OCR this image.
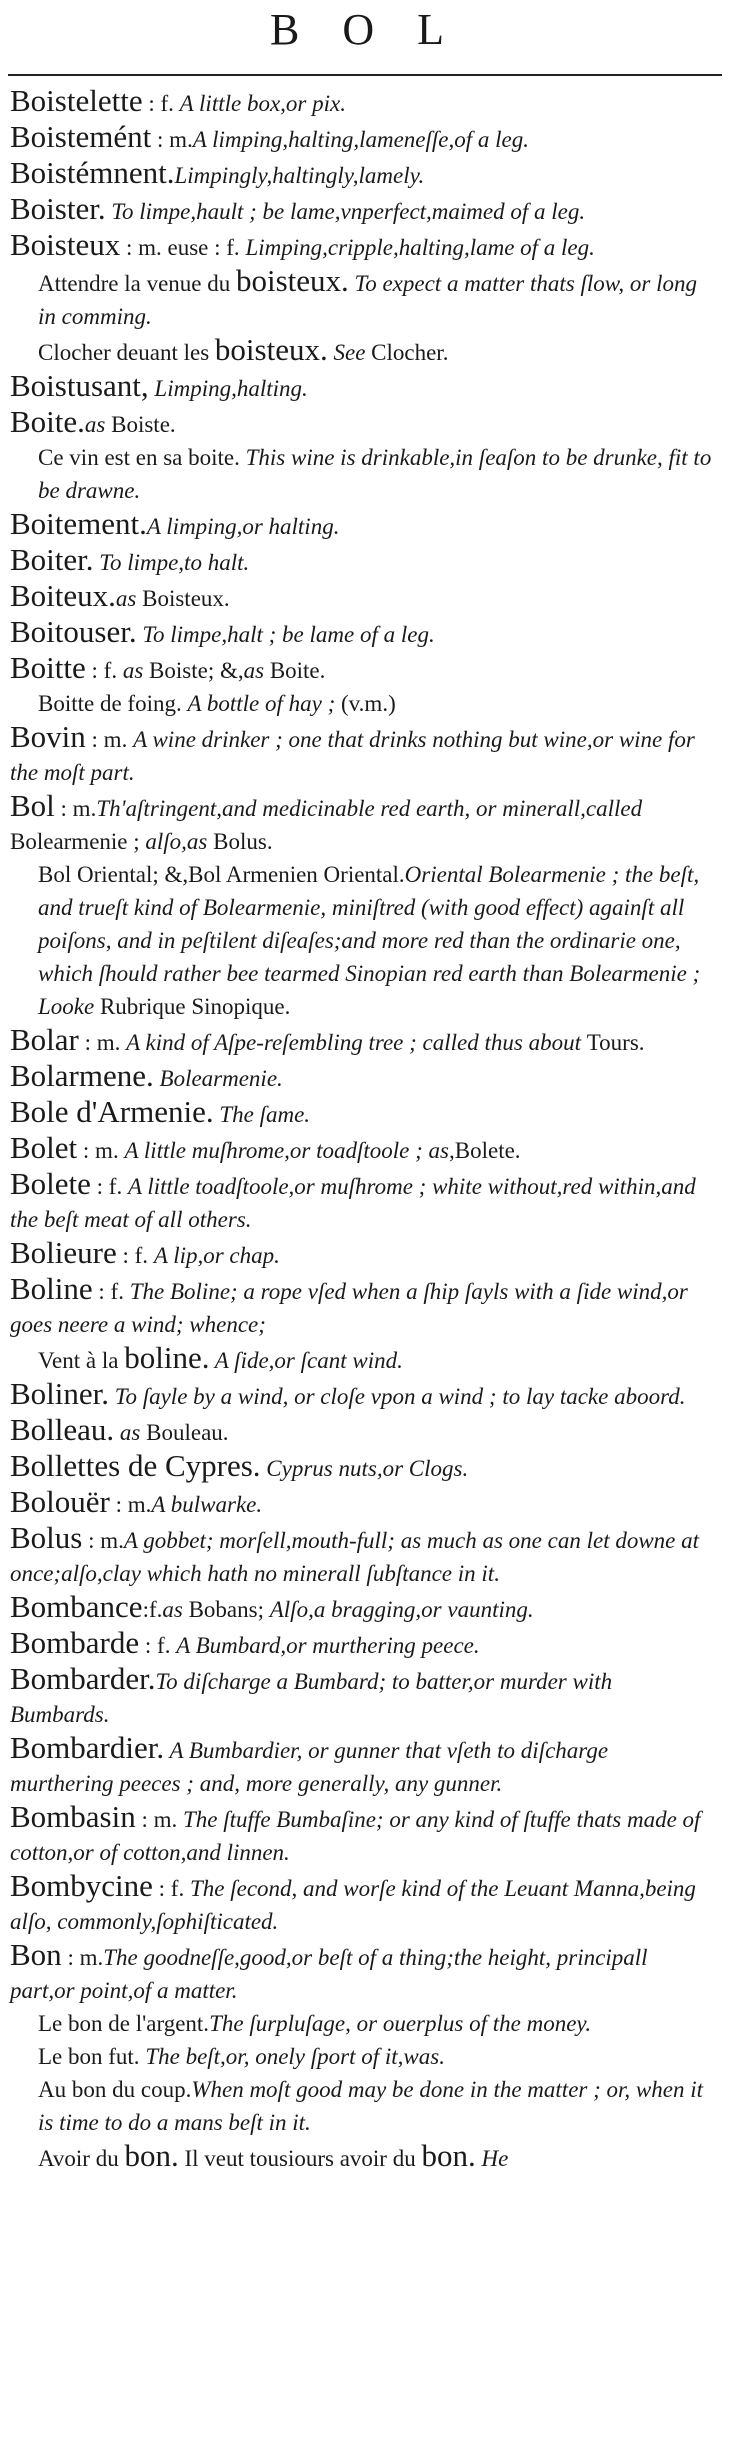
B O L

Boistelette : f. A little box,or pix.

Boistemént : m.A limping,halting,lameneſſe,of a leg.

Boistémnent.Limpingly,haltingly,lamely.

Boister. To limpe,hault ; be lame,vnperfect,maimed of a leg.

Boisteux : m. euse : f. Limping,cripple,halting,lame of a leg.

Attendre la venue du boisteux. To expect a matter thats ſlow, or long in comming.

Clocher deuant les boisteux. See Clocher.

Boistusant, Limping,halting.

Boite.as Boiste.

Ce vin est en sa boite. This wine is drinkable,in ſeaſon to be drunke, fit to be drawne.

Boitement.A limping,or halting.

Boiter. To limpe,to halt.

Boiteux.as Boisteux.

Boitouser. To limpe,halt ; be lame of a leg.

Boitte : f. as Boiste; &,as Boite.

Boitte de foing. A bottle of hay ; (v.m.)

Bovin : m. A wine drinker ; one that drinks nothing but wine,or wine for the moſt part.

Bol : m.Th'aſtringent,and medicinable red earth, or minerall,called Bolearmenie ; alſo,as Bolus.

Bol Oriental; &,Bol Armenien Oriental.Oriental Bolearmenie ; the beſt, and trueſt kind of Bolearmenie, miniſtred (with good effect) againſt all poiſons, and in peſtilent diſeaſes;and more red than the ordinarie one, which ſhould rather bee tearmed Sinopian red earth than Bolearmenie ; Looke Rubrique Sinopique.

Bolar : m. A kind of Aſpe-reſembling tree ; called thus about Tours.

Bolarmene. Bolearmenie.

Bole d'Armenie. The ſame.

Bolet : m. A little muſhrome,or toadſtoole ; as,Bolete.

Bolete : f. A little toadſtoole,or muſhrome ; white without,red within,and the beſt meat of all others.

Bolieure : f. A lip,or chap.

Boline : f. The Boline; a rope vſed when a ſhip ſayls with a ſide wind,or goes neere a wind; whence;

Vent à la boline. A ſide,or ſcant wind.

Boliner. To ſayle by a wind, or cloſe vpon a wind ; to lay tacke aboord.

Bolleau. as Bouleau.

Bollettes de Cypres. Cyprus nuts,or Clogs.

Bolouër : m.A bulwarke.

Bolus : m.A gobbet; morſell,mouth-full; as much as one can let downe at once;alſo,clay which hath no minerall ſubſtance in it.

Bombance:f.as Bobans; Alſo,a bragging,or vaunting.

Bombarde : f. A Bumbard,or murthering peece.

Bombarder.To diſcharge a Bumbard; to batter,or murder with Bumbards.

Bombardier. A Bumbardier, or gunner that vſeth to diſcharge murthering peeces ; and, more generally, any gunner.

Bombasin : m. The ſtuffe Bumbaſine; or any kind of ſtuffe thats made of cotton,or of cotton,and linnen.

Bombycine : f. The ſecond, and worſe kind of the Leuant Manna,being alſo, commonly,ſophiſticated.

Bon : m.The goodneſſe,good,or beſt of a thing;the height, principall part,or point,of a matter.

Le bon de l'argent.The ſurpluſage, or ouerplus of the money.

Le bon fut. The beſt,or, onely ſport of it,was.

Au bon du coup.When moſt good may be done in the matter ; or, when it is time to do a mans beſt in it.

Avoir du bon. Il veut tousiours avoir du bon. He
